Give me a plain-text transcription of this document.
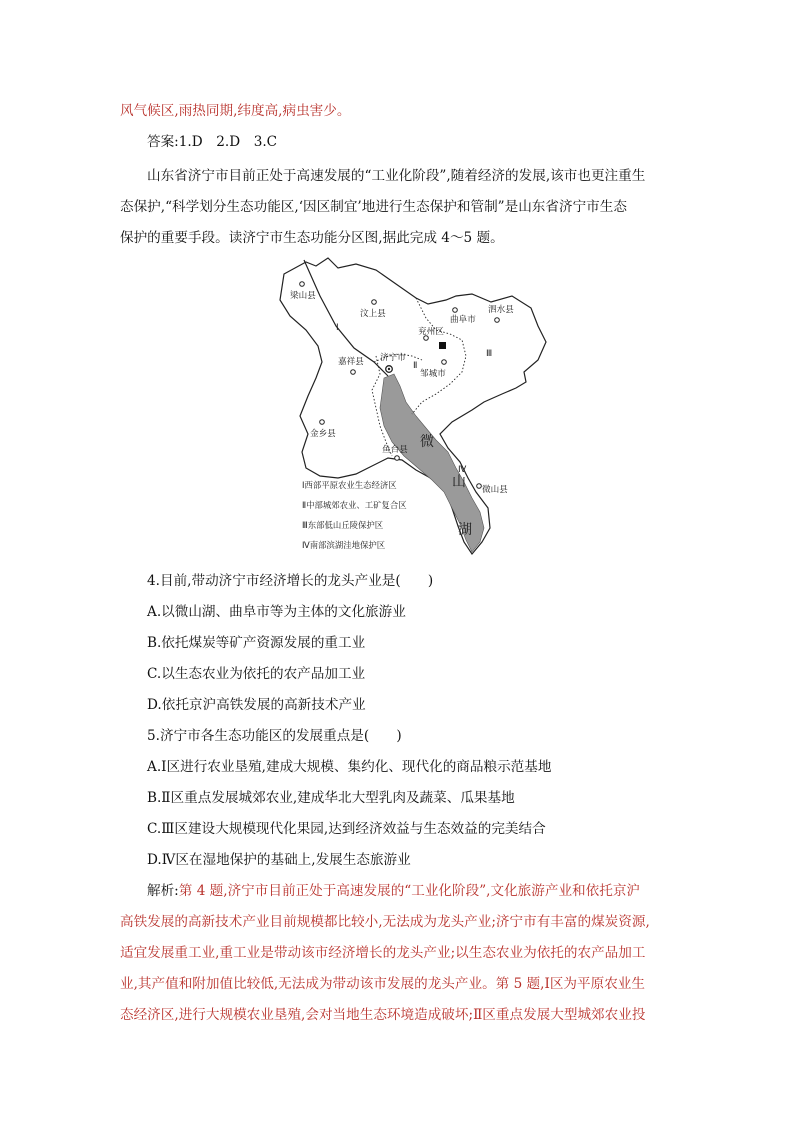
风气候区,雨热同期,纬度高,病虫害少。
答案:1.D　2.D　3.C
山东省济宁市目前正处于高速发展的“工业化阶段”,随着经济的发展,该市也更注重生
态保护,“科学划分生态功能区,‘因区制宜’地进行生态保护和管制”是山东省济宁市生态
保护的重要手段。读济宁市生态功能分区图,据此完成 4～5 题。
梁山县
汶上县
曲阜市
泗水县
兖州区
济宁市
嘉祥县
邹城市
金乡县
鱼台县
微山县
Ⅰ
Ⅱ
Ⅲ
Ⅳ
微
山
湖
Ⅰ西部平原农业生态经济区
Ⅱ中部城郊农业、工矿复合区
Ⅲ东部低山丘陵保护区
Ⅳ南部滨湖洼地保护区
4.目前,带动济宁市经济增长的龙头产业是(　　)
A.以微山湖、曲阜市等为主体的文化旅游业
B.依托煤炭等矿产资源发展的重工业
C.以生态农业为依托的农产品加工业
D.依托京沪高铁发展的高新技术产业
5.济宁市各生态功能区的发展重点是(　　)
A.Ⅰ区进行农业垦殖,建成大规模、集约化、现代化的商品粮示范基地
B.Ⅱ区重点发展城郊农业,建成华北大型乳肉及蔬菜、瓜果基地
C.Ⅲ区建设大规模现代化果园,达到经济效益与生态效益的完美结合
D.Ⅳ区在湿地保护的基础上,发展生态旅游业
解析:第 4 题,济宁市目前正处于高速发展的“工业化阶段”,文化旅游产业和依托京沪
高铁发展的高新技术产业目前规模都比较小,无法成为龙头产业;济宁市有丰富的煤炭资源,
适宜发展重工业,重工业是带动该市经济增长的龙头产业;以生态农业为依托的农产品加工
业,其产值和附加值比较低,无法成为带动该市发展的龙头产业。第 5 题,Ⅰ区为平原农业生
态经济区,进行大规模农业垦殖,会对当地生态环境造成破坏;Ⅱ区重点发展大型城郊农业投
